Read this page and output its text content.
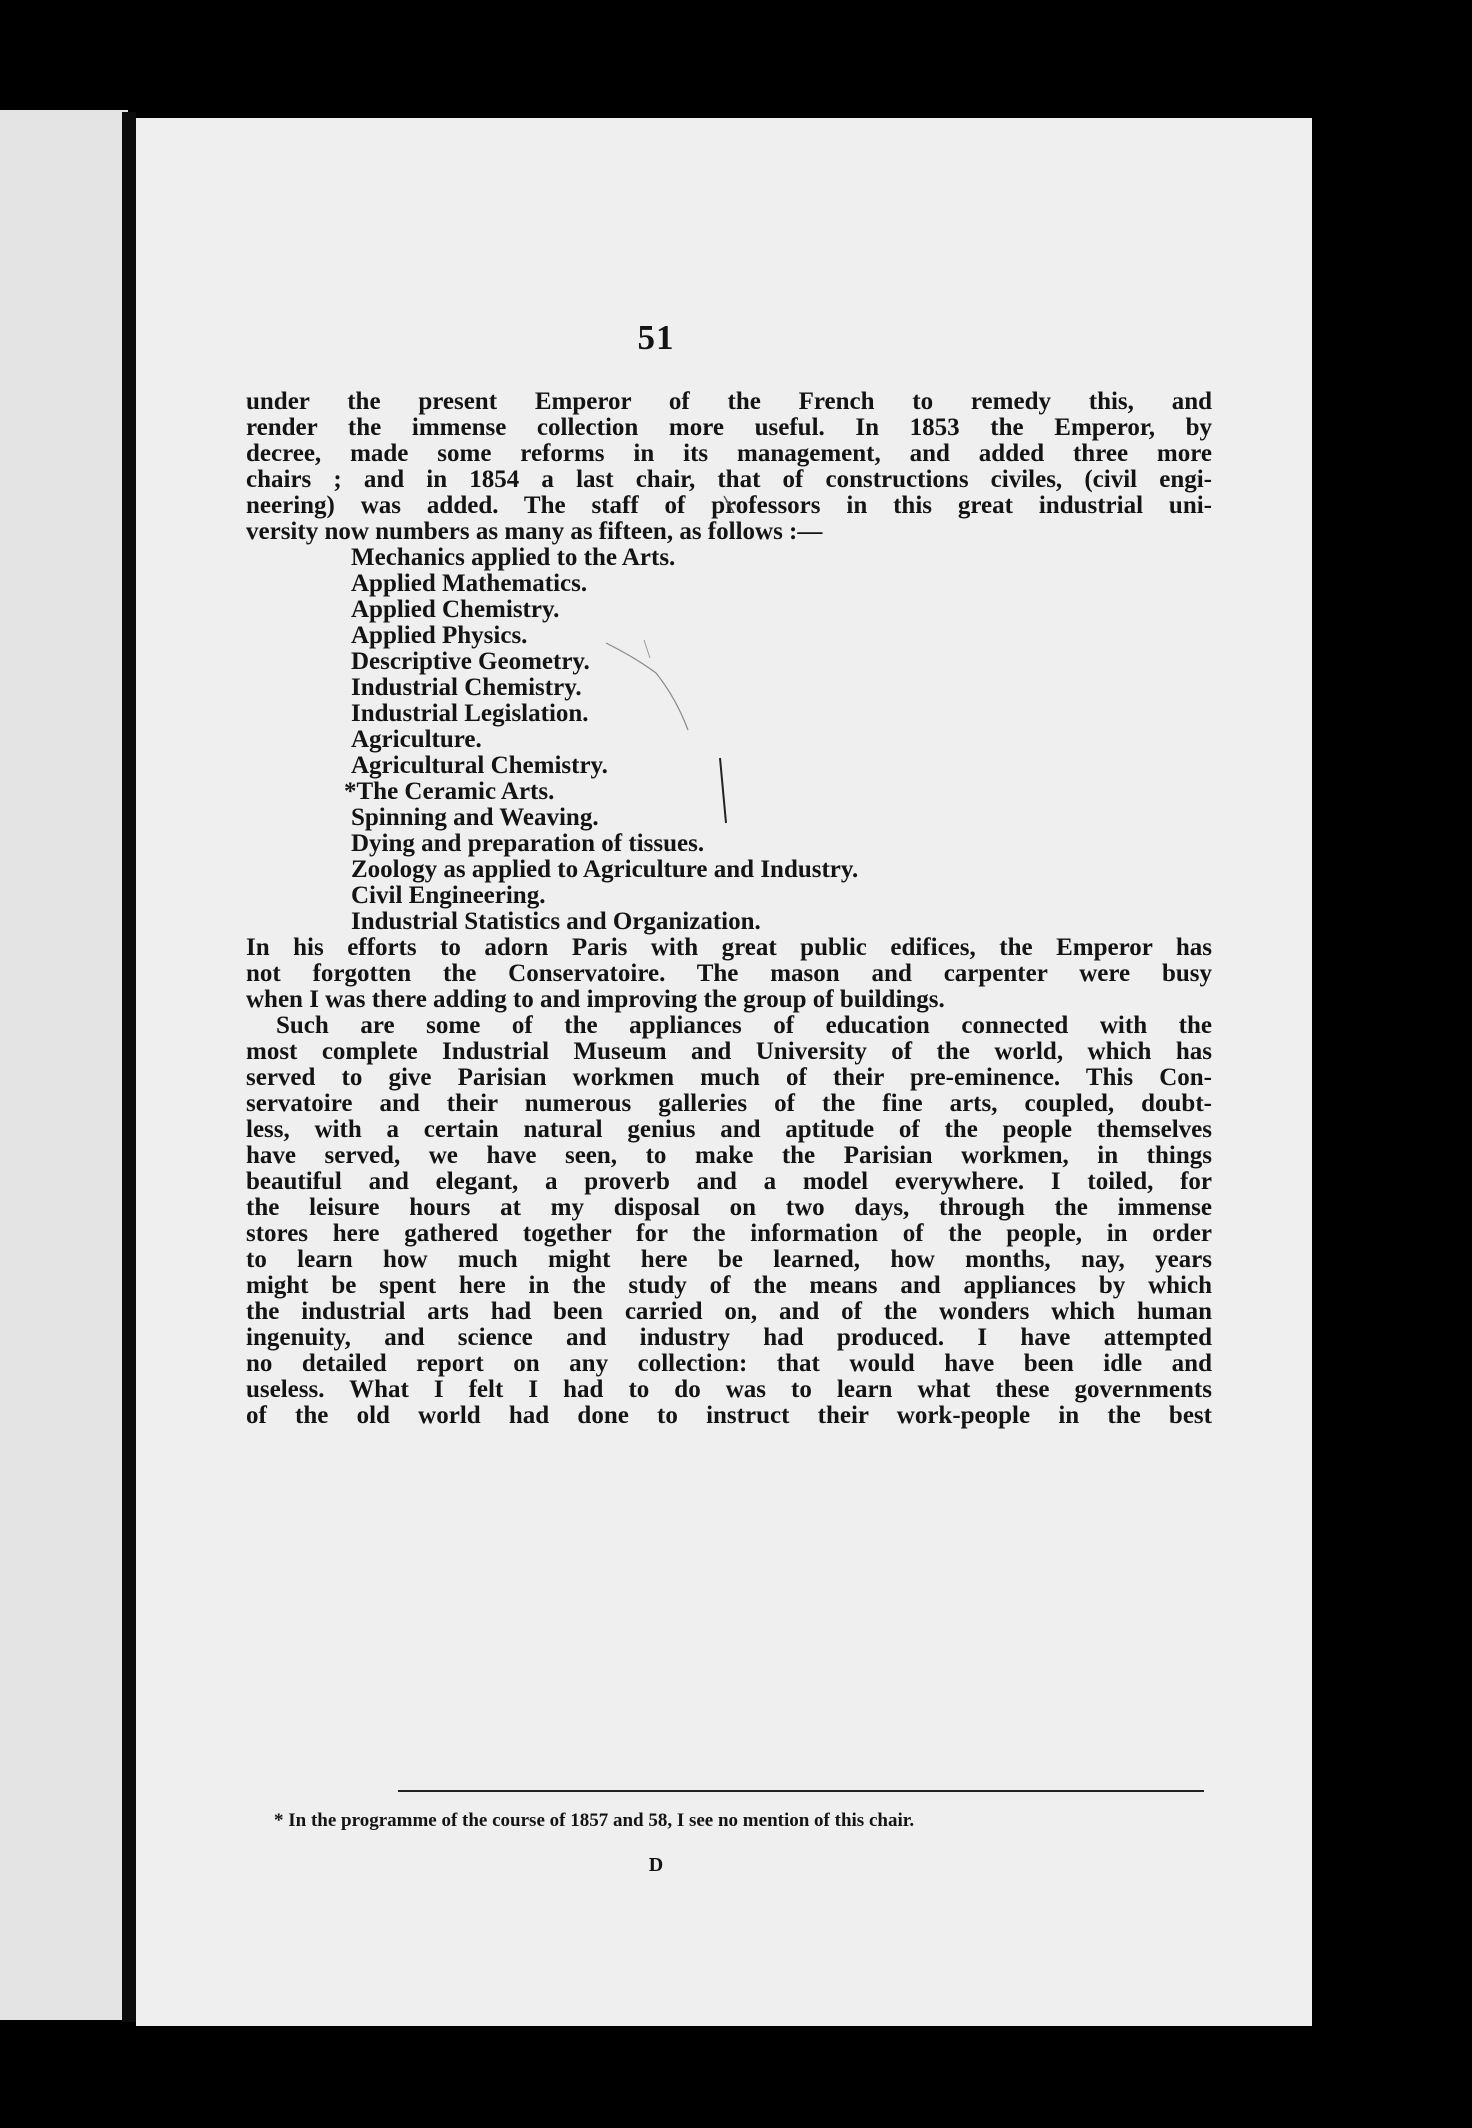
51
under the present Emperor of the French to remedy this, and
render the immense collection more useful. In 1853 the Emperor, by
decree, made some reforms in its management, and added three more
chairs ; and in 1854 a last chair, that of constructions civiles, (civil engi-
neering) was added. The staff of professors in this great industrial uni-
versity now numbers as many as fifteen, as follows :—
Mechanics applied to the Arts.
Applied Mathematics.
Applied Chemistry.
Applied Physics.
Descriptive Geometry.
Industrial Chemistry.
Industrial Legislation.
Agriculture.
Agricultural Chemistry.
*The Ceramic Arts.
Spinning and Weaving.
Dying and preparation of tissues.
Zoology as applied to Agriculture and Industry.
Civil Engineering.
Industrial Statistics and Organization.
In his efforts to adorn Paris with great public edifices, the Emperor has
not forgotten the Conservatoire. The mason and carpenter were busy
when I was there adding to and improving the group of buildings.
Such are some of the appliances of education connected with the
most complete Industrial Museum and University of the world, which has
served to give Parisian workmen much of their pre-eminence. This Con-
servatoire and their numerous galleries of the fine arts, coupled, doubt-
less, with a certain natural genius and aptitude of the people themselves
have served, we have seen, to make the Parisian workmen, in things
beautiful and elegant, a proverb and a model everywhere. I toiled, for
the leisure hours at my disposal on two days, through the immense
stores here gathered together for the information of the people, in order
to learn how much might here be learned, how months, nay, years
might be spent here in the study of the means and appliances by which
the industrial arts had been carried on, and of the wonders which human
ingenuity, and science and industry had produced. I have attempted
no detailed report on any collection: that would have been idle and
useless. What I felt I had to do was to learn what these governments
of the old world had done to instruct their work-people in the best
* In the programme of the course of 1857 and 58, I see no mention of this chair.
D
